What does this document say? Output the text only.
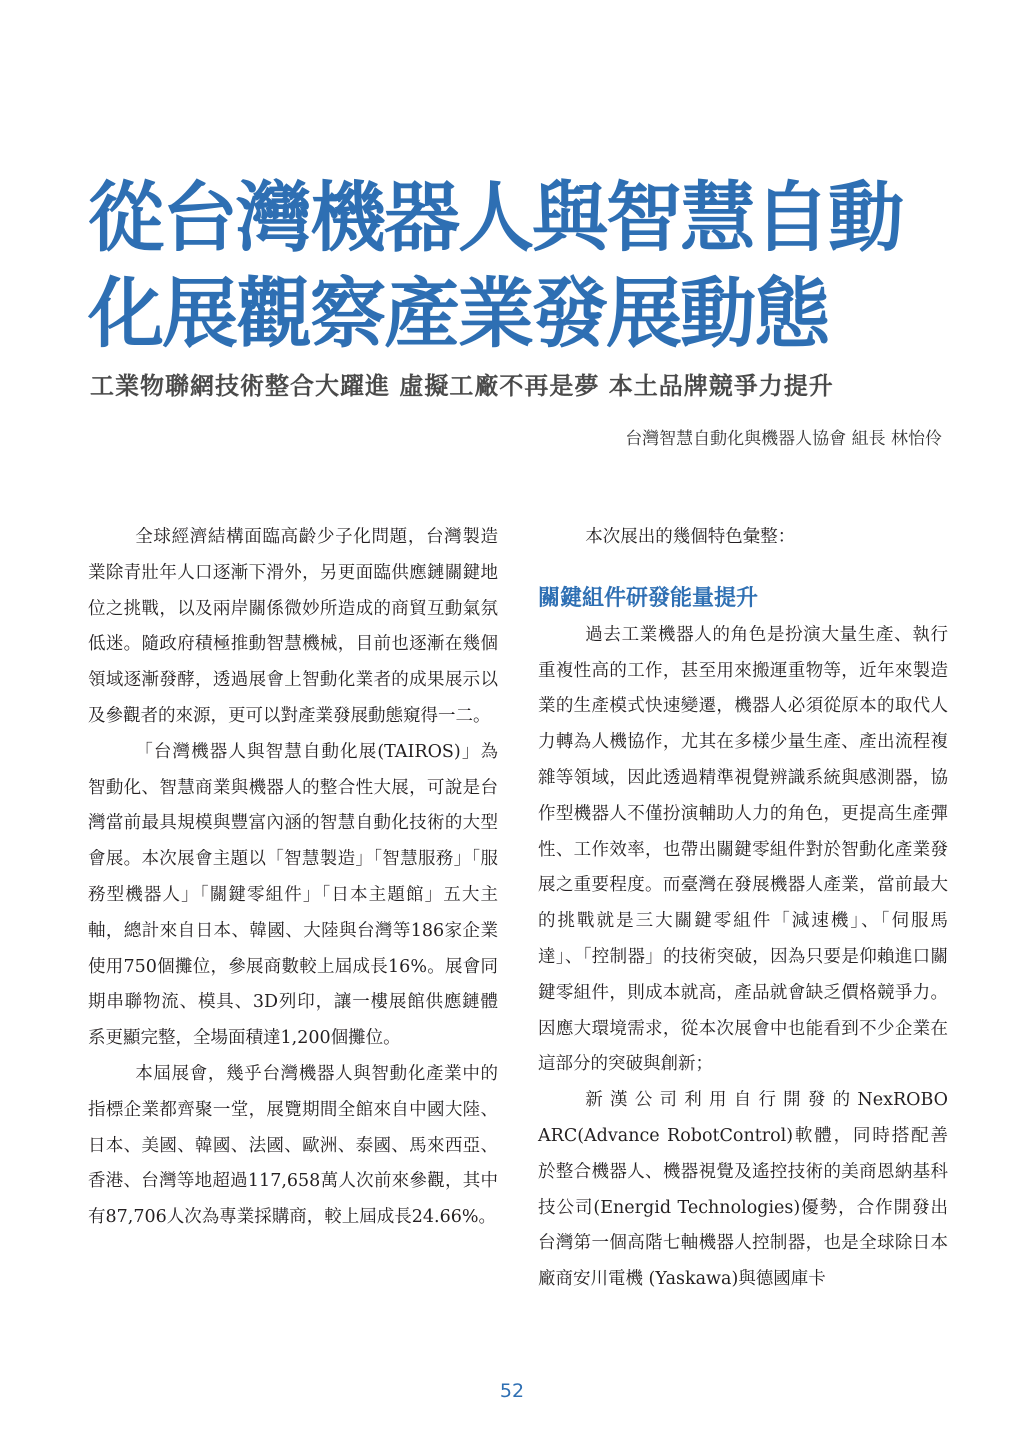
從台灣機器人與智慧自動
化展觀察產業發展動態
工業物聯網技術整合大躍進 虛擬工廠不再是夢 本土品牌競爭力提升
台灣智慧自動化與機器人協會 組長 林怡伶

全球經濟結構面臨高齡少子化問題，台灣製造業除青壯年人口逐漸下滑外，另更面臨供應鏈關鍵地位之挑戰，以及兩岸關係微妙所造成的商貿互動氣氛低迷。隨政府積極推動智慧機械，目前也逐漸在幾個領域逐漸發酵，透過展會上智動化業者的成果展示以及參觀者的來源，更可以對產業發展動態窺得一二。

「台灣機器人與智慧自動化展(TAIROS)」為智動化、智慧商業與機器人的整合性大展，可說是台灣當前最具規模與豐富內涵的智慧自動化技術的大型會展。本次展會主題以「智慧製造」「智慧服務」「服務型機器人」「關鍵零組件」「日本主題館」五大主軸，總計來自日本、韓國、大陸與台灣等186家企業使用750個攤位，參展商數較上屆成長16%。展會同期串聯物流、模具、3D列印，讓一樓展館供應鏈體系更顯完整，全場面積達1,200個攤位。

本屆展會，幾乎台灣機器人與智動化產業中的指標企業都齊聚一堂，展覽期間全館來自中國大陸、日本、美國、韓國、法國、歐洲、泰國、馬來西亞、香港、台灣等地超過117,658萬人次前來參觀，其中有87,706人次為專業採購商，較上屆成長24.66%。

本次展出的幾個特色彙整：

關鍵組件研發能量提升

過去工業機器人的角色是扮演大量生產、執行重複性高的工作，甚至用來搬運重物等，近年來製造業的生產模式快速變遷，機器人必須從原本的取代人力轉為人機協作，尤其在多樣少量生產、產出流程複雜等領域，因此透過精準視覺辨識系統與感測器，協作型機器人不僅扮演輔助人力的角色，更提高生產彈性、工作效率，也帶出關鍵零組件對於智動化產業發展之重要程度。而臺灣在發展機器人產業，當前最大的挑戰就是三大關鍵零組件「減速機」、「伺服馬達」、「控制器」的技術突破，因為只要是仰賴進口關鍵零組件，則成本就高，產品就會缺乏價格競爭力。因應大環境需求，從本次展會中也能看到不少企業在這部分的突破與創新；

新漢公司利用自行開發的NexROBO ARC(Advance RobotControl)軟體，同時搭配善於整合機器人、機器視覺及遙控技術的美商恩納基科技公司(Energid Technologies)優勢，合作開發出台灣第一個高階七軸機器人控制器，也是全球除日本廠商安川電機 (Yaskawa)與德國庫卡

52
